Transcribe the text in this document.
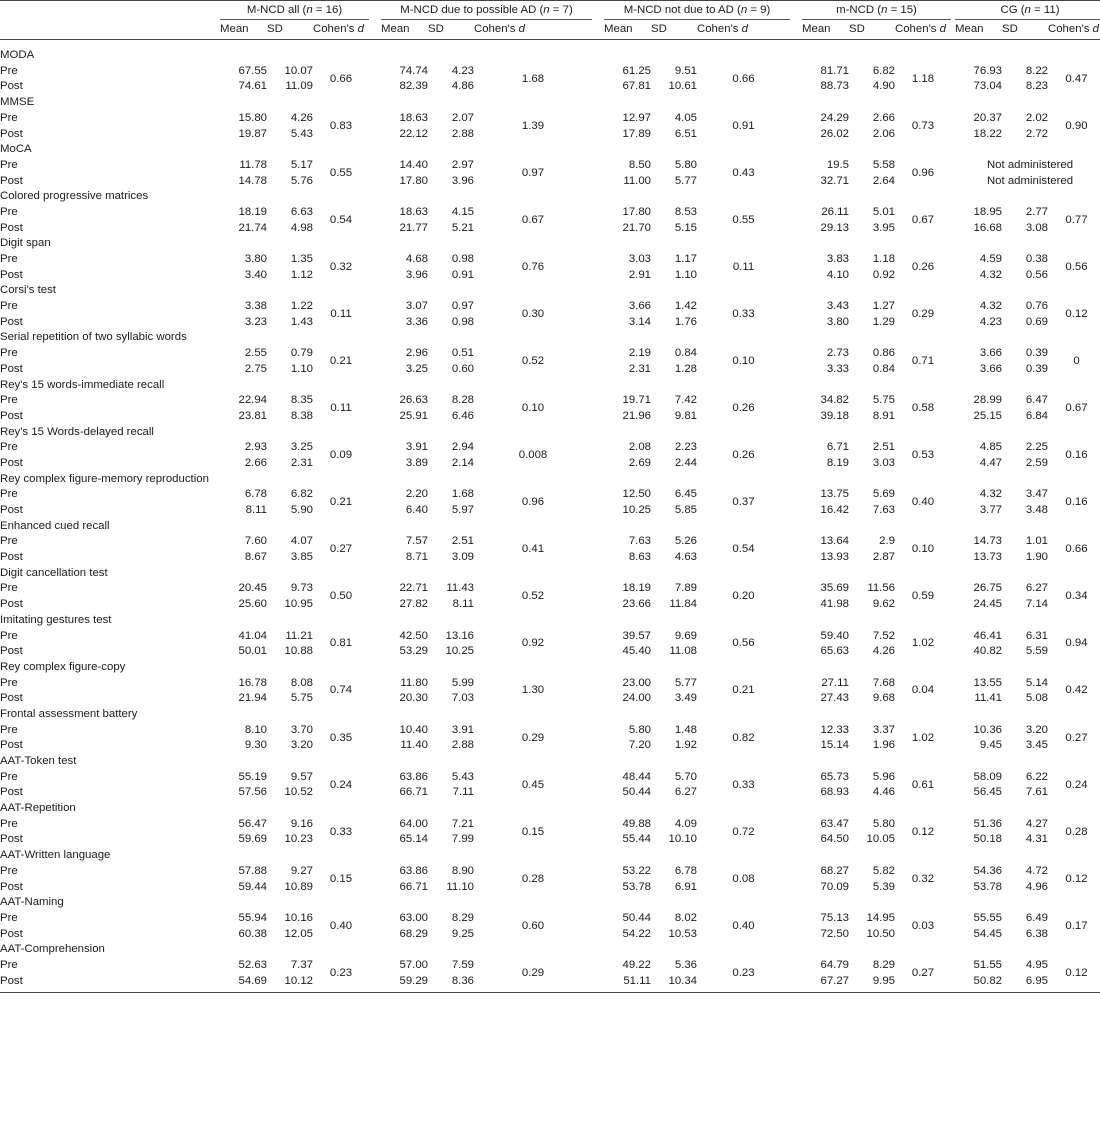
	M-NCD all (n = 16)				M-NCD due to possible AD (n = 7)				M-NCD not due to AD (n = 9)				m-NCD (n = 15)				CG (n = 11)		
	Mean	SD	Cohen's d		Mean	SD	Cohen's d		Mean	SD	Cohen's d		Mean	SD	Cohen's d		Mean	SD	Cohen's d

MODA																			
Pre	67.55	10.07	0.66		74.74	4.23	1.68		61.25	9.51	0.66		81.71	6.82	1.18		76.93	8.22	0.47
Post	74.61	11.09			82.39	4.86			67.81	10.61			88.73	4.90			73.04	8.23	
MMSE																			
Pre	15.80	4.26	0.83		18.63	2.07	1.39		12.97	4.05	0.91		24.29	2.66	0.73		20.37	2.02	0.90
Post	19.87	5.43			22.12	2.88			17.89	6.51			26.02	2.06			18.22	2.72	
MoCA																			
Pre	11.78	5.17	0.55		14.40	2.97	0.97		8.50	5.80	0.43		19.5	5.58	0.96		Not administered		
Post	14.78	5.76			17.80	3.96			11.00	5.77			32.71	2.64			Not administered		
Colored progressive matrices																			
Pre	18.19	6.63	0.54		18.63	4.15	0.67		17.80	8.53	0.55		26.11	5.01	0.67		18.95	2.77	0.77
Post	21.74	4.98			21.77	5.21			21.70	5.15			29.13	3.95			16.68	3.08	
Digit span																			
Pre	3.80	1.35	0.32		4.68	0.98	0.76		3.03	1.17	0.11		3.83	1.18	0.26		4.59	0.38	0.56
Post	3.40	1.12			3.96	0.91			2.91	1.10			4.10	0.92			4.32	0.56	
Corsi's test																			
Pre	3.38	1.22	0.11		3.07	0.97	0.30		3.66	1.42	0.33		3.43	1.27	0.29		4.32	0.76	0.12
Post	3.23	1.43			3.36	0.98			3.14	1.76			3.80	1.29			4.23	0.69	
Serial repetition of two syllabic words																			
Pre	2.55	0.79	0.21		2.96	0.51	0.52		2.19	0.84	0.10		2.73	0.86	0.71		3.66	0.39	0
Post	2.75	1.10			3.25	0.60			2.31	1.28			3.33	0.84			3.66	0.39	
Rey's 15 words-immediate recall																			
Pre	22.94	8.35	0.11		26.63	8.28	0.10		19.71	7.42	0.26		34.82	5.75	0.58		28.99	6.47	0.67
Post	23.81	8.38			25.91	6.46			21.96	9.81			39.18	8.91			25.15	6.84	
Rey's 15 Words-delayed recall																			
Pre	2.93	3.25	0.09		3.91	2.94	0.008		2.08	2.23	0.26		6.71	2.51	0.53		4.85	2.25	0.16
Post	2.66	2.31			3.89	2.14			2.69	2.44			8.19	3.03			4.47	2.59	
Rey complex figure-memory reproduction																			
Pre	6.78	6.82	0.21		2.20	1.68	0.96		12.50	6.45	0.37		13.75	5.69	0.40		4.32	3.47	0.16
Post	8.11	5.90			6.40	5.97			10.25	5.85			16.42	7.63			3.77	3.48	
Enhanced cued recall																			
Pre	7.60	4.07	0.27		7.57	2.51	0.41		7.63	5.26	0.54		13.64	2.9	0.10		14.73	1.01	0.66
Post	8.67	3.85			8.71	3.09			8.63	4.63			13.93	2.87			13.73	1.90	
Digit cancellation test																			
Pre	20.45	9.73	0.50		22.71	11.43	0.52		18.19	7.89	0.20		35.69	11.56	0.59		26.75	6.27	0.34
Post	25.60	10.95			27.82	8.11			23.66	11.84			41.98	9.62			24.45	7.14	
Imitating gestures test																			
Pre	41.04	11.21	0.81		42.50	13.16	0.92		39.57	9.69	0.56		59.40	7.52	1.02		46.41	6.31	0.94
Post	50.01	10.88			53.29	10.25			45.40	11.08			65.63	4.26			40.82	5.59	
Rey complex figure-copy																			
Pre	16.78	8.08	0.74		11.80	5.99	1.30		23.00	5.77	0.21		27.11	7.68	0.04		13.55	5.14	0.42
Post	21.94	5.75			20.30	7.03			24.00	3.49			27.43	9.68			11.41	5.08	
Frontal assessment battery																			
Pre	8.10	3.70	0.35		10.40	3.91	0.29		5.80	1.48	0.82		12.33	3.37	1.02		10.36	3.20	0.27
Post	9.30	3.20			11.40	2.88			7.20	1.92			15.14	1.96			9.45	3.45	
AAT-Token test																			
Pre	55.19	9.57	0.24		63.86	5.43	0.45		48.44	5.70	0.33		65.73	5.96	0.61		58.09	6.22	0.24
Post	57.56	10.52			66.71	7.11			50.44	6.27			68.93	4.46			56.45	7.61	
AAT-Repetition																			
Pre	56.47	9.16	0.33		64.00	7.21	0.15		49.88	4.09	0.72		63.47	5.80	0.12		51.36	4.27	0.28
Post	59.69	10.23			65.14	7.99			55.44	10.10			64.50	10.05			50.18	4.31	
AAT-Written language																			
Pre	57.88	9.27	0.15		63.86	8.90	0.28		53.22	6.78	0.08		68.27	5.82	0.32		54.36	4.72	0.12
Post	59.44	10.89			66.71	11.10			53.78	6.91			70.09	5.39			53.78	4.96	
AAT-Naming																			
Pre	55.94	10.16	0.40		63.00	8.29	0.60		50.44	8.02	0.40		75.13	14.95	0.03		55.55	6.49	0.17
Post	60.38	12.05			68.29	9.25			54.22	10.53			72.50	10.50			54.45	6.38	
AAT-Comprehension																			
Pre	52.63	7.37	0.23		57.00	7.59	0.29		49.22	5.36	0.23		64.79	8.29	0.27		51.55	4.95	0.12
Post	54.69	10.12			59.29	8.36			51.11	10.34			67.27	9.95			50.82	6.95	
